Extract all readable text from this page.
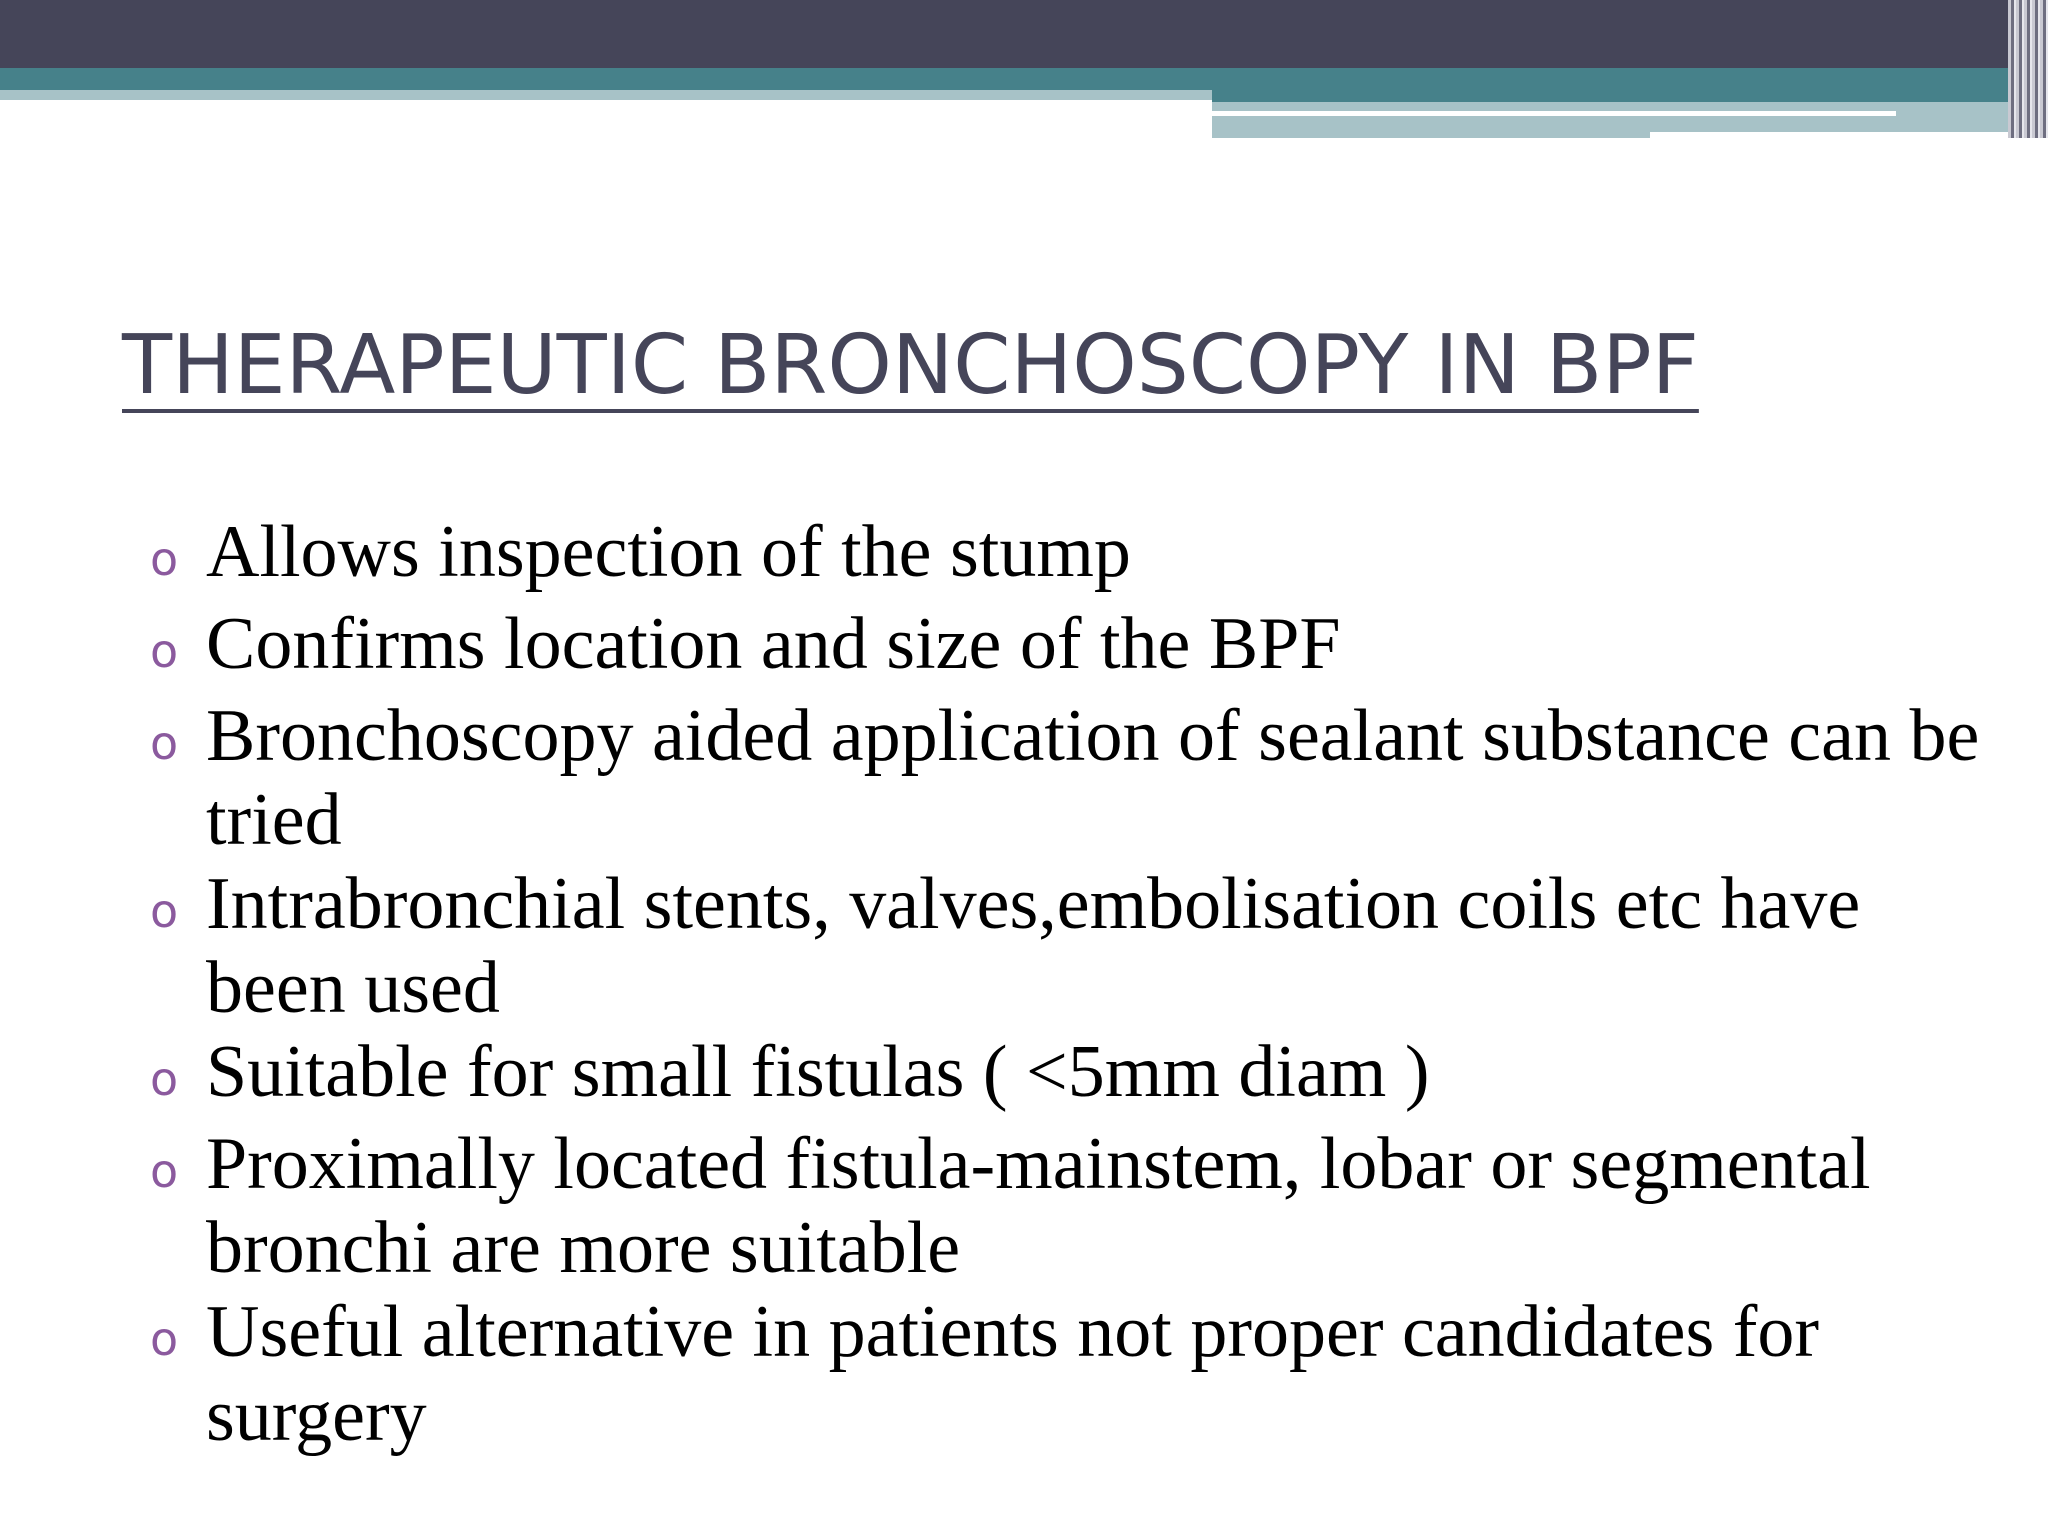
THERAPEUTIC BRONCHOSCOPY IN BPF
o Allows inspection of the stump
o Confirms location and size of the BPF
o Bronchoscopy aided application of sealant substance can be tried
o Intrabronchial stents, valves,embolisation coils etc have been used
o Suitable for small fistulas ( <5mm diam )
o Proximally located fistula-mainstem, lobar or segmental bronchi are more suitable
o Useful alternative in patients not proper candidates for surgery
